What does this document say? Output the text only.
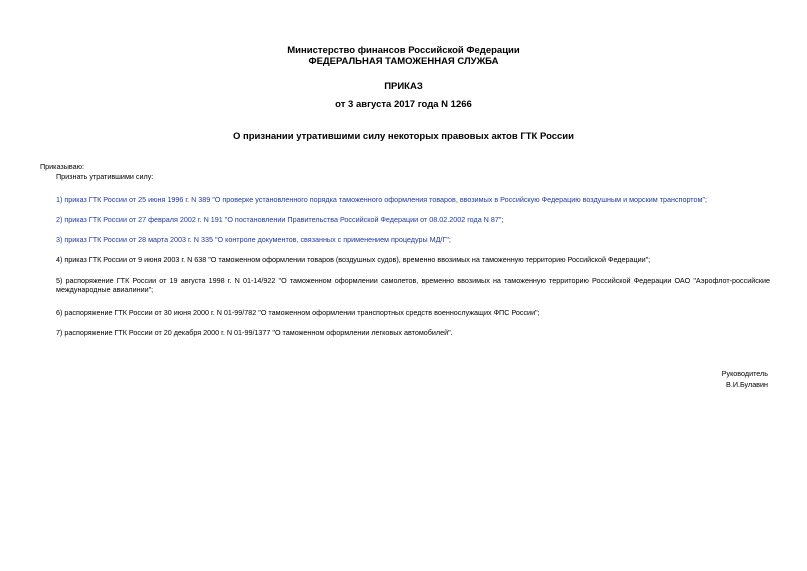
Министерство финансов Российской Федерации
ФЕДЕРАЛЬНАЯ ТАМОЖЕННАЯ СЛУЖБА
ПРИКАЗ
от 3 августа 2017 года N 1266
О признании утратившими силу некоторых правовых актов ГТК России
Приказываю:
Признать утратившими силу:
1) приказ ГТК России от 25 июня 1996 г. N 389 "О проверке установленного порядка таможенного оформления товаров, ввозимых в Российскую Федерацию воздушным и морским транспортом";
2) приказ ГТК России от 27 февраля 2002 г. N 191 "О постановлении Правительства Российской Федерации от 08.02.2002 года N 87";
3) приказ ГТК России от 28 марта 2003 г. N 335 "О контроле документов, связанных с применением процедуры МД/Г";
4) приказ ГТК России от 9 июня 2003 г. N 638 "О таможенном оформлении товаров (воздушных судов), временно ввозимых на таможенную территорию Российской Федерации";
5) распоряжение ГТК России от 19 августа 1998 г. N 01-14/922 "О таможенном оформлении самолетов, временно ввозимых на таможенную территорию Российской Федерации ОАО "Аэрофлот-российские международные авиалинии";
6) распоряжение ГТК России от 30 июня 2000 г. N 01-99/782 "О таможенном оформлении транспортных средств военнослужащих ФПС России";
7) распоряжение ГТК России от 20 декабря 2000 г. N 01-99/1377 "О таможенном оформлении легковых автомобилей".
Руководитель
В.И.Булавин
